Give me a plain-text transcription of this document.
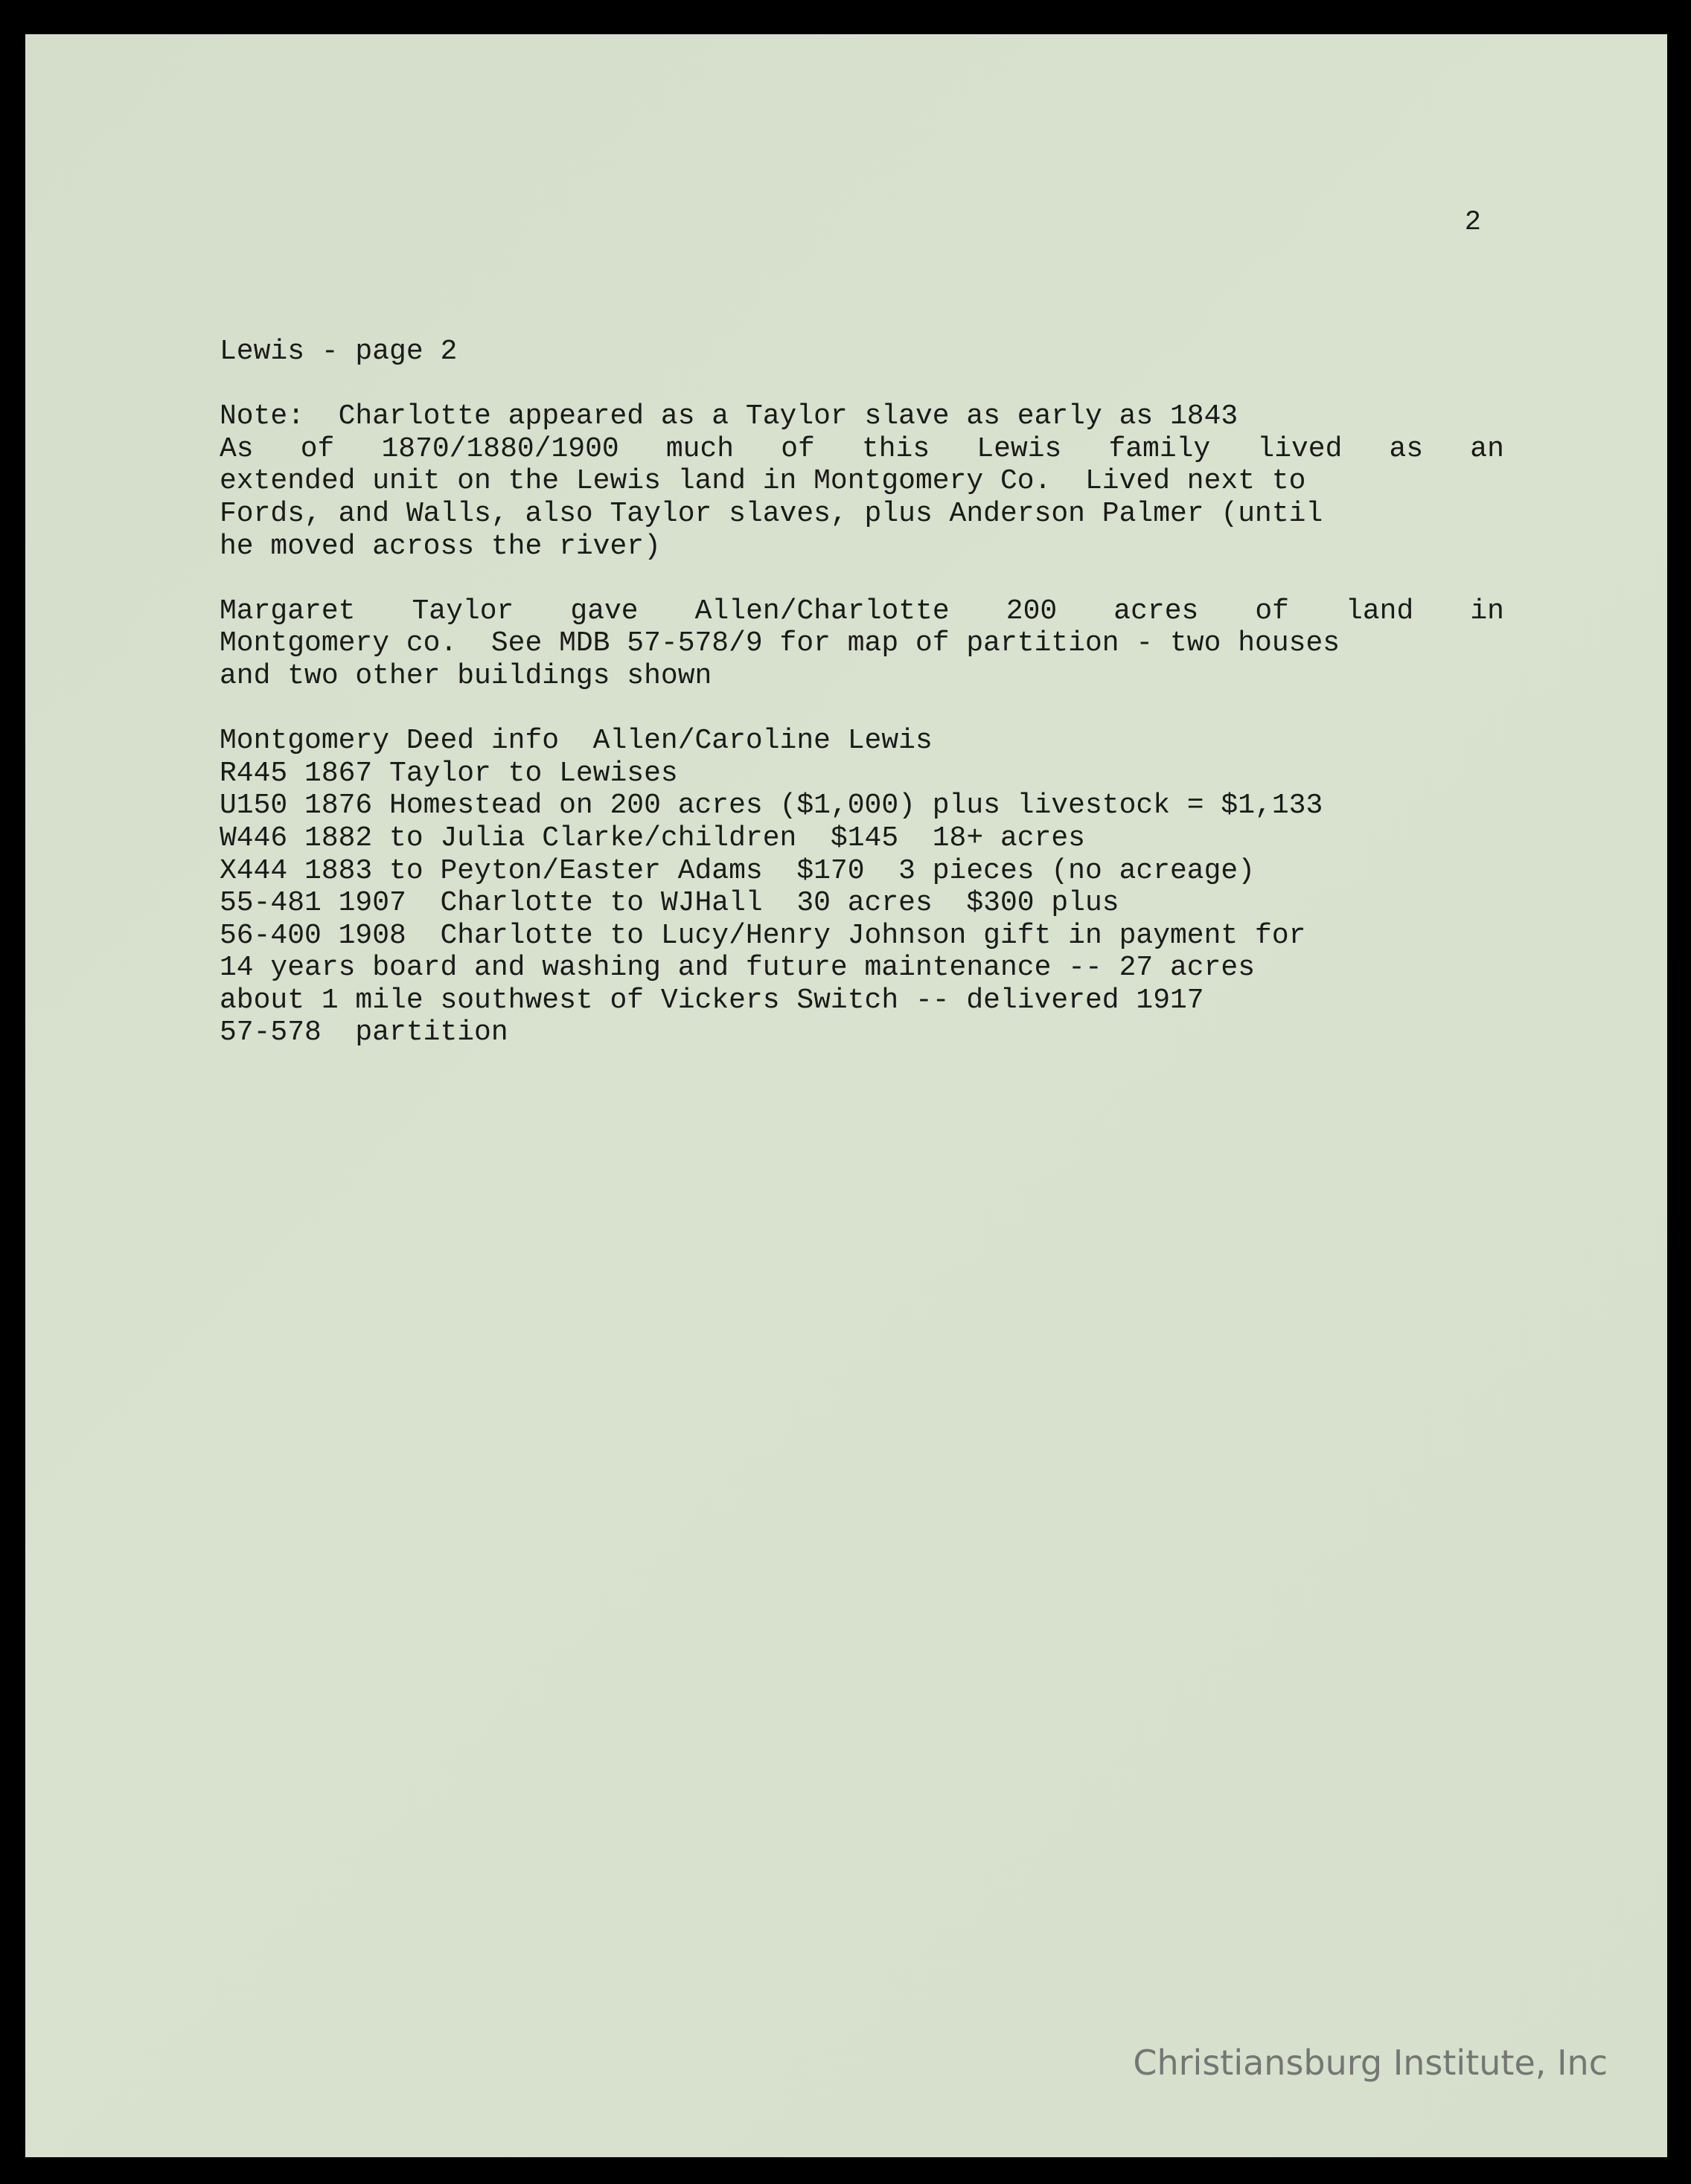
2
Lewis - page 2
Note:  Charlotte appeared as a Taylor slave as early as 1843
As of 1870/1880/1900 much of this Lewis family lived as an
extended unit on the Lewis land in Montgomery Co.  Lived next to
Fords, and Walls, also Taylor slaves, plus Anderson Palmer (until
he moved across the river)
Margaret Taylor gave Allen/Charlotte 200 acres of land in
Montgomery co.  See MDB 57-578/9 for map of partition - two houses
and two other buildings shown
Montgomery Deed info  Allen/Caroline Lewis
R445 1867 Taylor to Lewises
U150 1876 Homestead on 200 acres ($1,000) plus livestock = $1,133
W446 1882 to Julia Clarke/children  $145  18+ acres
X444 1883 to Peyton/Easter Adams  $170  3 pieces (no acreage)
55-481 1907  Charlotte to WJHall  30 acres  $300 plus
56-400 1908  Charlotte to Lucy/Henry Johnson gift in payment for
14 years board and washing and future maintenance -- 27 acres
about 1 mile southwest of Vickers Switch -- delivered 1917
57-578  partition
Christiansburg Institute, Inc
